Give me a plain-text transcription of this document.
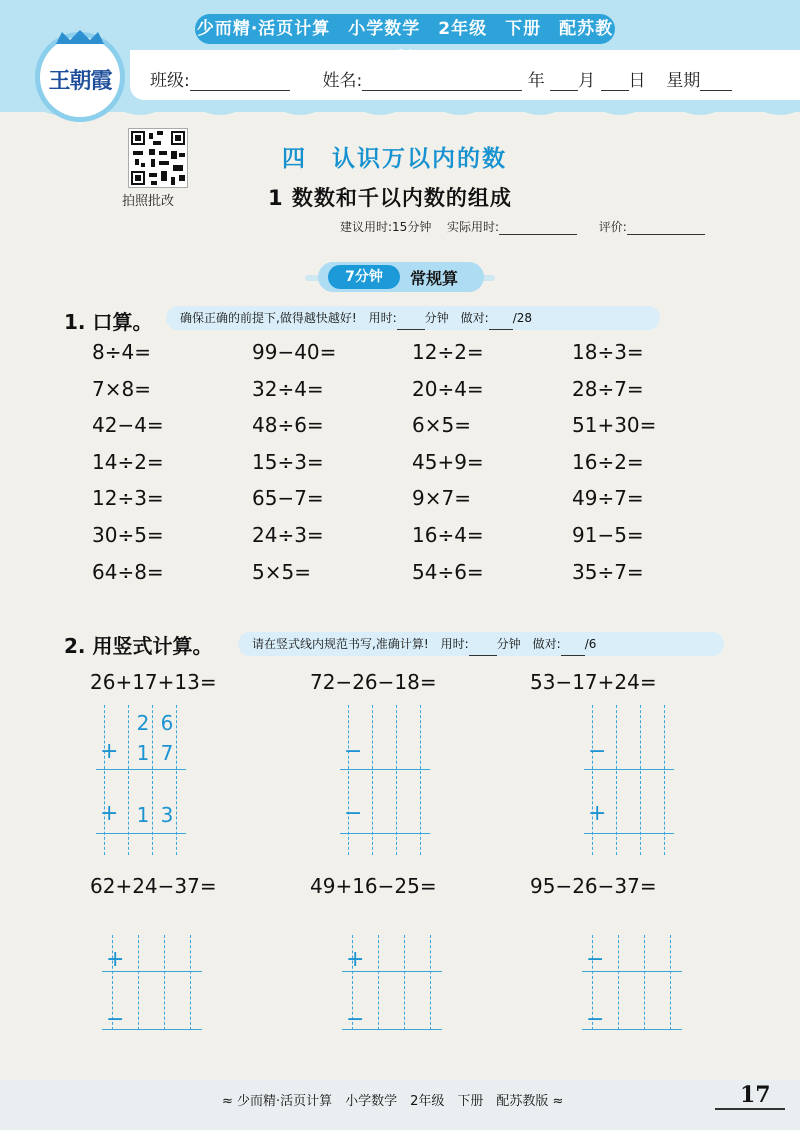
少而精·活页计算　小学数学　2年级　下册　配苏教版
王朝霞 班级:	姓名:	年 月 日 星期
拍照批改
四　认识万以内的数
1 数数和千以内数的组成
建议用时:15分钟 实际用时:	评价:
7分钟	常规算
1. 口算。	确保正确的前提下,做得越快越好!　用时: 分钟　做对: /28
8÷4=	99−40=	12÷2=	18÷3=
7×8=	32÷4=	20÷4=	28÷7=
42−4=	48÷6=	6×5=	51+30=
14÷2=	15÷3=	45+9=	16÷2=
12÷3=	65−7=	9×7=	49÷7=
30÷5=	24÷3=	16÷4=	91−5=
64÷8=	5×5=	54÷6=	35÷7=
2. 用竖式计算。	请在竖式线内规范书写,准确计算!　用时: 分钟　做对: /6
26+17+13=	72−26−18=	53−17+24=
2 6
+ 1 7
+ 1 3
−
−
−
+
62+24−37=	49+16−25=	95−26−37=
+
−
+
−
−
−
≈ 少而精·活页计算　小学数学　2年级　下册　配苏教版 ≈	17
